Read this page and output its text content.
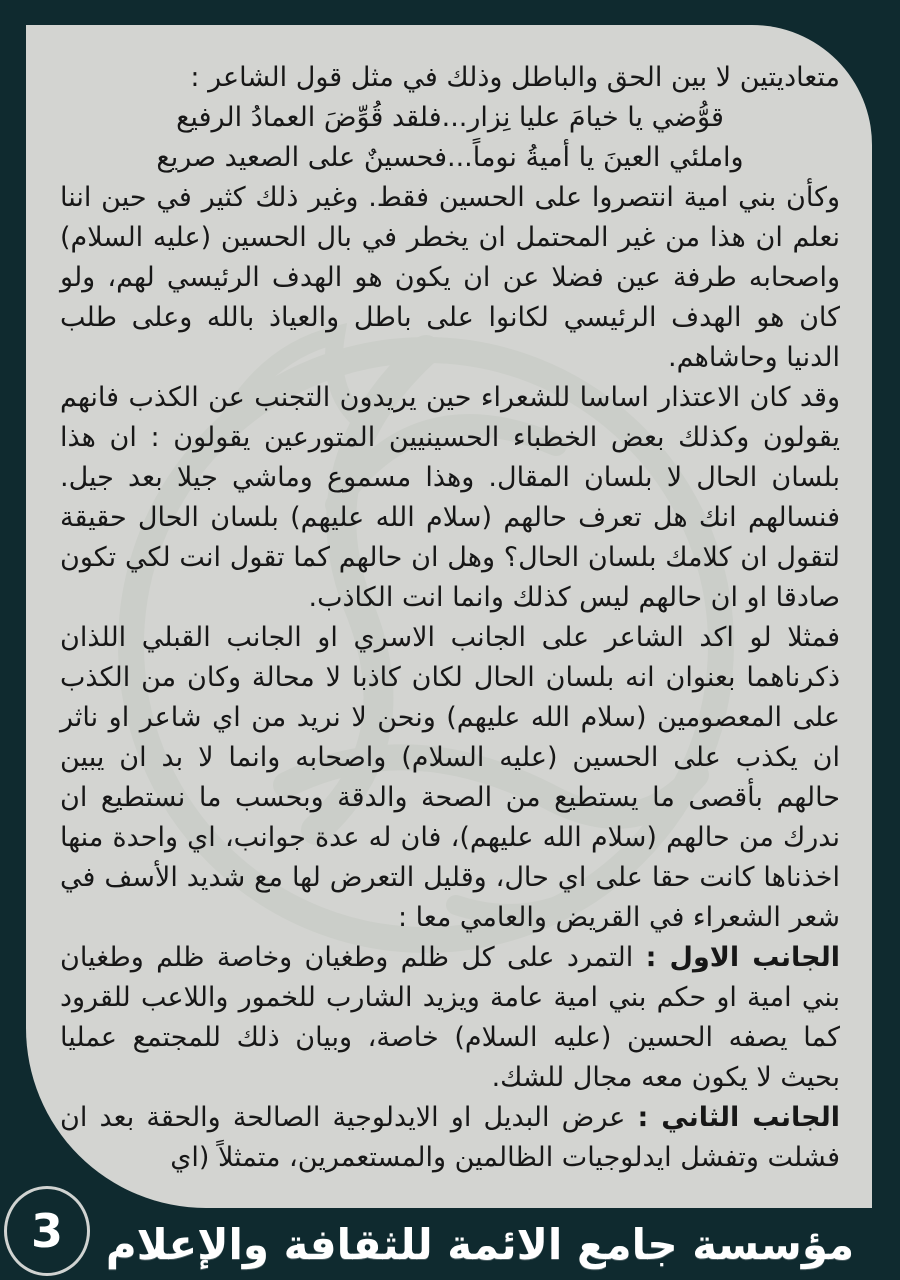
متعاديتين لا بين الحق والباطل وذلك في مثل قول الشاعر :

قوُّضي يا خيامَ عليا نِزار...فلقد قُوِّضَ العمادُ الرفيع

واملئي العينَ يا أميةُ نوماً...فحسينٌ على الصعيد صريع

وكأن بني امية انتصروا على الحسين فقط. وغير ذلك كثير في حين اننا نعلم ان هذا من غير المحتمل ان يخطر في بال الحسين (عليه السلام) واصحابه طرفة عين فضلا عن ان يكون هو الهدف الرئيسي لهم، ولو كان هو الهدف الرئيسي لكانوا على باطل والعياذ بالله وعلى طلب الدنيا وحاشاهم.

وقد كان الاعتذار اساسا للشعراء حين يريدون التجنب عن الكذب فانهم يقولون وكذلك بعض الخطباء الحسينيين المتورعين يقولون : ان هذا بلسان الحال لا بلسان المقال. وهذا مسموع وماشي جيلا بعد جيل. فنسالهم انك هل تعرف حالهم (سلام الله عليهم) بلسان الحال حقيقة لتقول ان كلامك بلسان الحال؟ وهل ان حالهم كما تقول انت لكي تكون صادقا او ان حالهم ليس كذلك وانما انت الكاذب.

فمثلا لو اكد الشاعر على الجانب الاسري او الجانب القبلي اللذان ذكرناهما بعنوان انه بلسان الحال لكان كاذبا لا محالة وكان من الكذب على المعصومين (سلام الله عليهم) ونحن لا نريد من اي شاعر او ناثر ان يكذب على الحسين (عليه السلام) واصحابه وانما لا بد ان يبين حالهم بأقصى ما يستطيع من الصحة والدقة وبحسب ما نستطيع ان ندرك من حالهم (سلام الله عليهم)، فان له عدة جوانب، اي واحدة منها اخذناها كانت حقا على اي حال، وقليل التعرض لها مع شديد الأسف في شعر الشعراء في القريض والعامي معا :

الجانب الاول : التمرد على كل ظلم وطغيان وخاصة ظلم وطغيان بني امية او حكم بني امية عامة ويزيد الشارب للخمور واللاعب للقرود كما يصفه الحسين (عليه السلام) خاصة، وبيان ذلك للمجتمع عمليا بحيث لا يكون معه مجال للشك.

الجانب الثاني : عرض البديل او الايدلوجية الصالحة والحقة بعد ان فشلت وتفشل ايدلوجيات الظالمين والمستعمرين، متمثلاً (اي

مؤسسة جامع الائمة للثقافة والإعلام
3
